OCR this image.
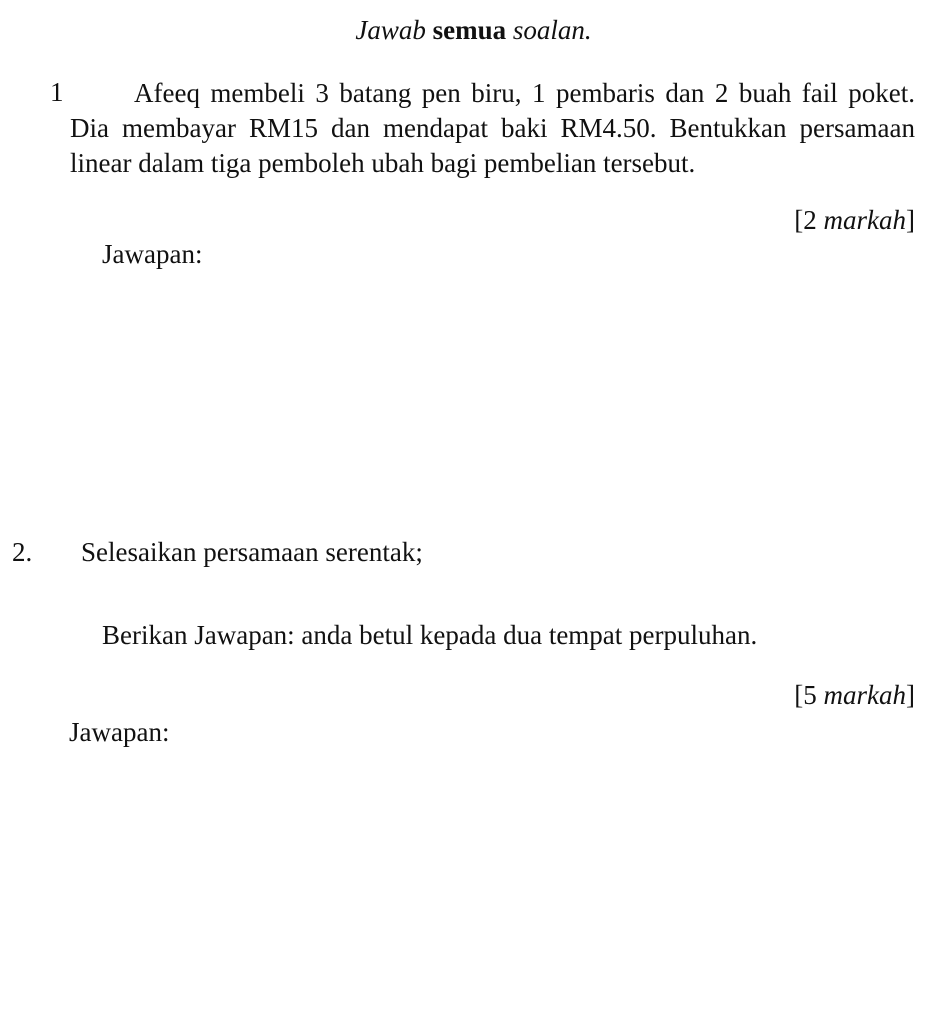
Jawab semua soalan.
1	Afeeq membeli 3 batang pen biru, 1 pembaris dan 2 buah fail poket. Dia membayar RM15 dan mendapat baki RM4.50. Bentukkan persamaan linear dalam tiga pemboleh ubah bagi pembelian tersebut.
[2 markah]
Jawapan:
2. Selesaikan persamaan serentak;
Berikan Jawapan: anda betul kepada dua tempat perpuluhan.
[5 markah]
Jawapan:
